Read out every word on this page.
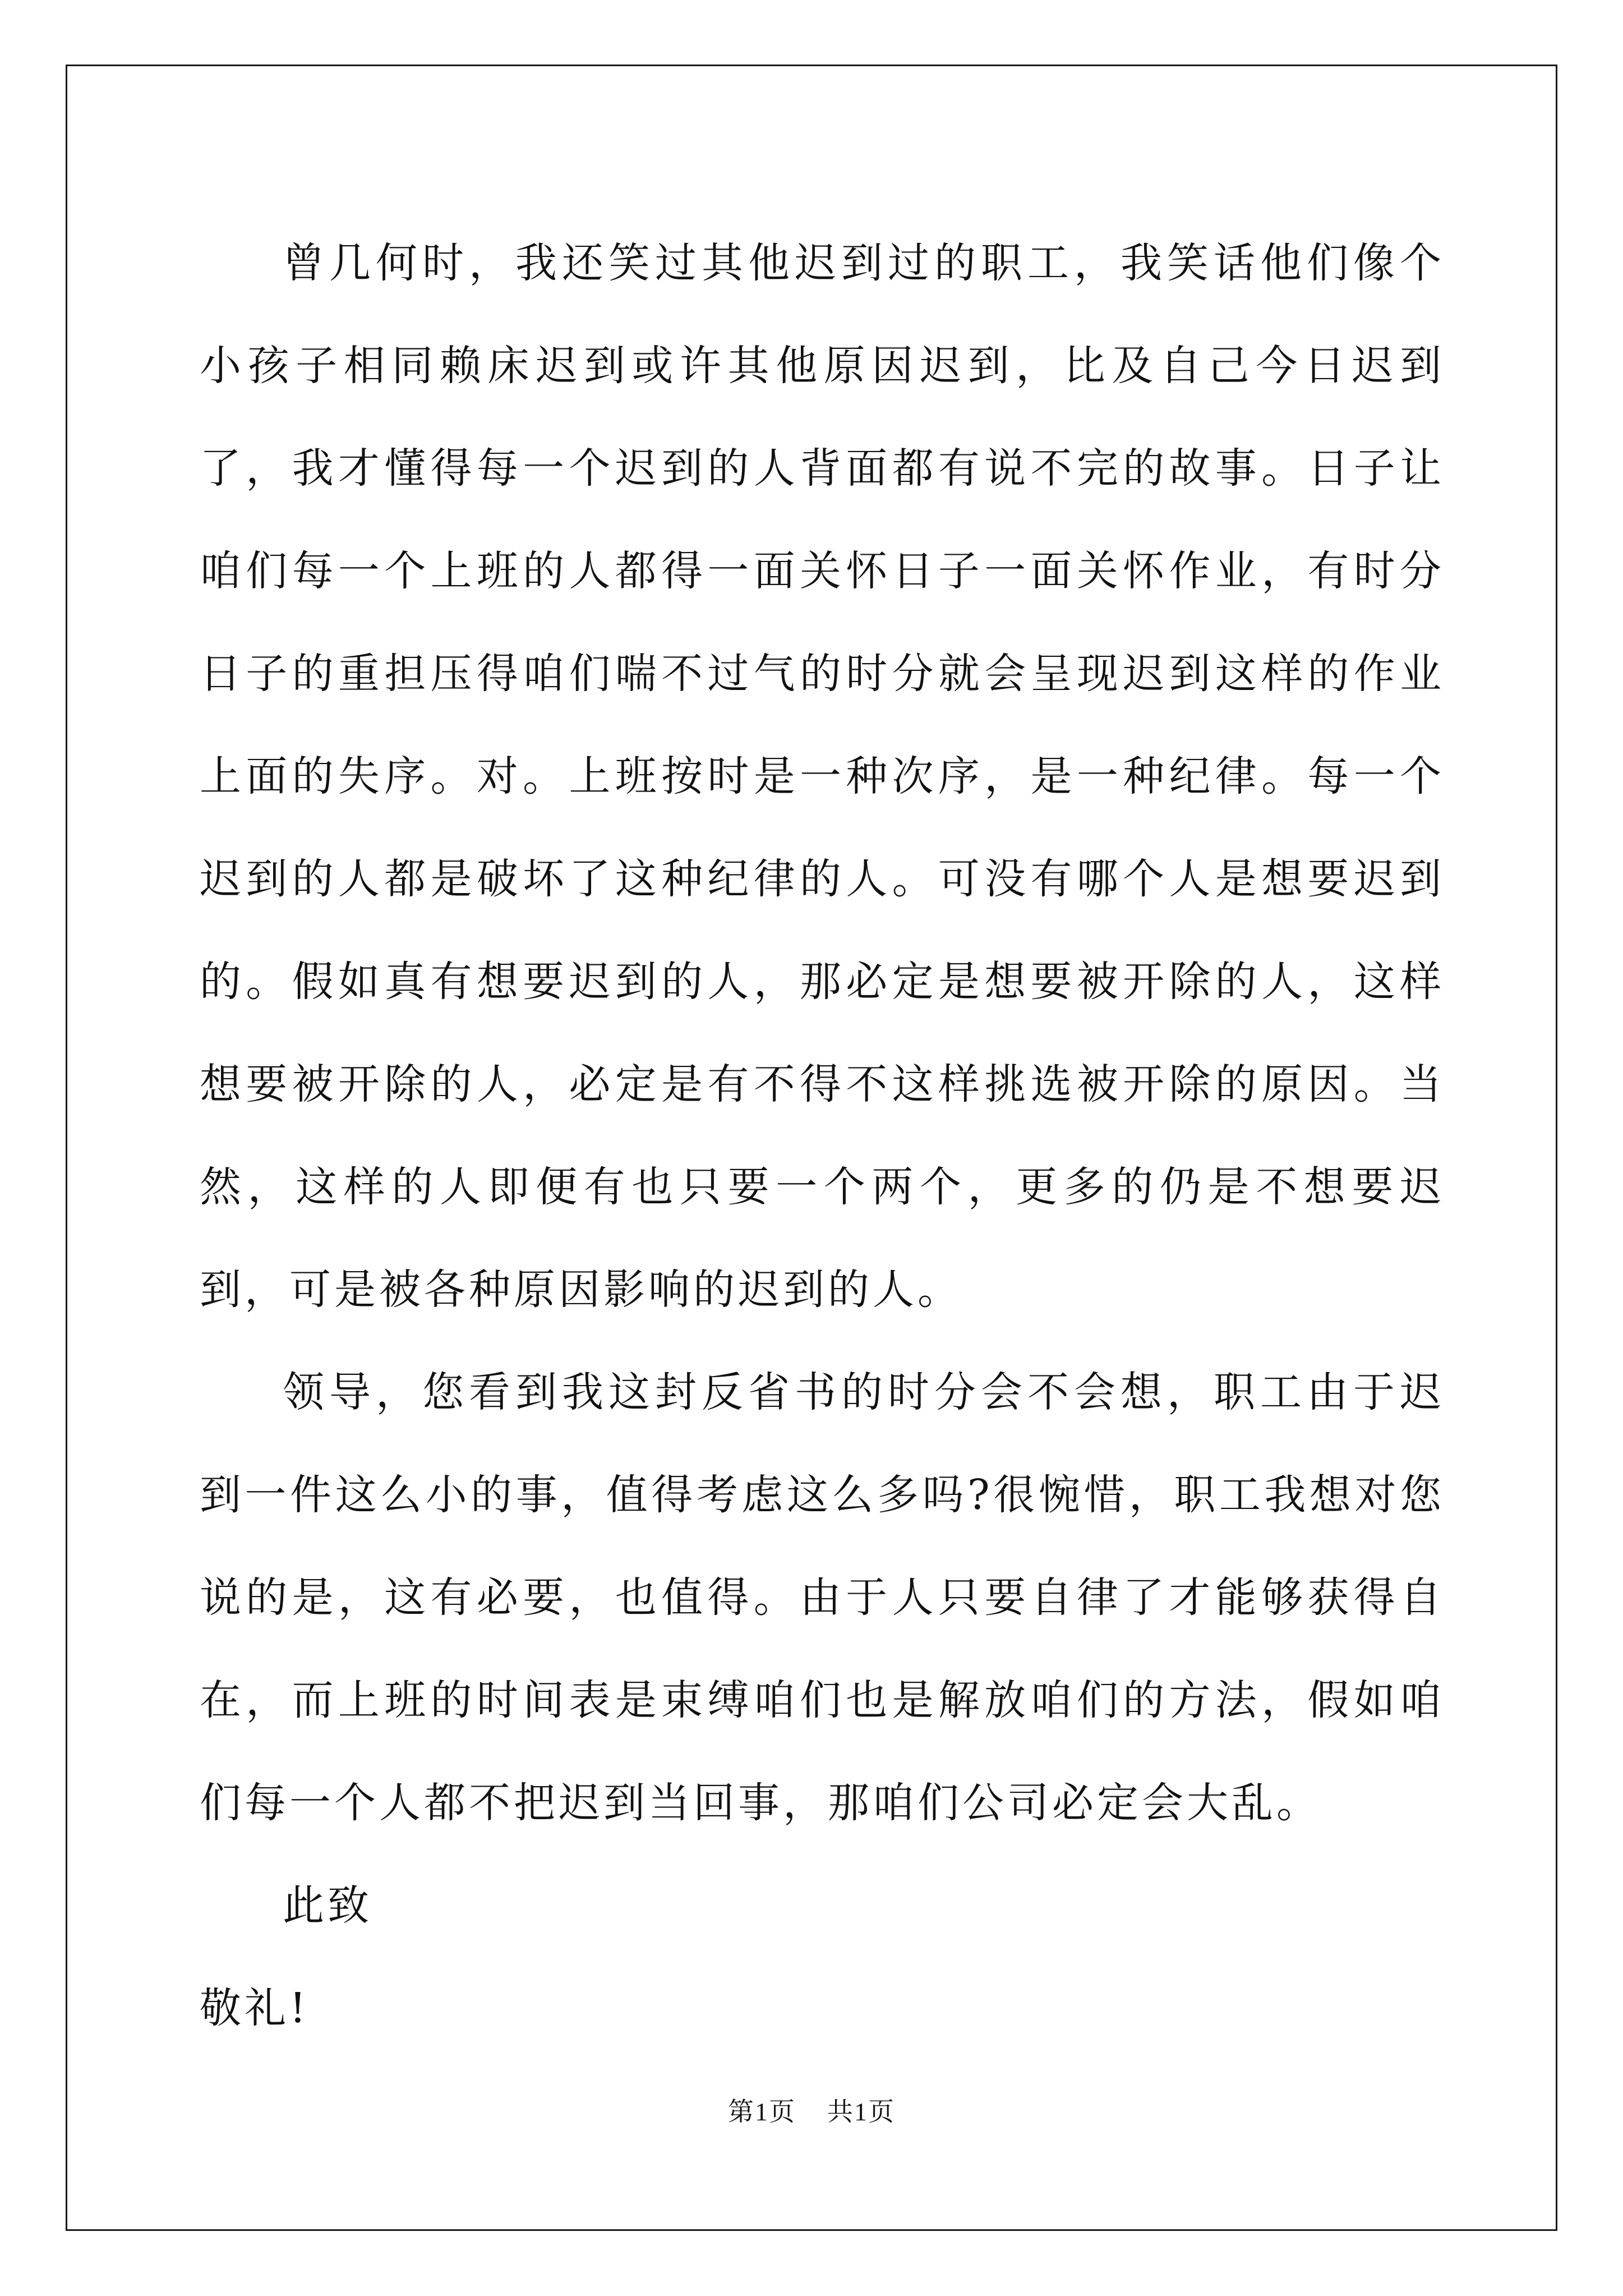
曾几何时，我还笑过其他迟到过的职工，我笑话他们像个小孩子相同赖床迟到或许其他原因迟到，比及自己今日迟到了，我才懂得每一个迟到的人背面都有说不完的故事。日子让咱们每一个上班的人都得一面关怀日子一面关怀作业，有时分日子的重担压得咱们喘不过气的时分就会呈现迟到这样的作业上面的失序。对。上班按时是一种次序，是一种纪律。每一个迟到的人都是破坏了这种纪律的人。可没有哪个人是想要迟到的。假如真有想要迟到的人，那必定是想要被开除的人，这样想要被开除的人，必定是有不得不这样挑选被开除的原因。当然，这样的人即便有也只要一个两个，更多的仍是不想要迟到，可是被各种原因影响的迟到的人。

领导，您看到我这封反省书的时分会不会想，职工由于迟到一件这么小的事，值得考虑这么多吗?很惋惜，职工我想对您说的是，这有必要，也值得。由于人只要自律了才能够获得自在，而上班的时间表是束缚咱们也是解放咱们的方法，假如咱们每一个人都不把迟到当回事，那咱们公司必定会大乱。

此致

敬礼!

第1页 共1页
